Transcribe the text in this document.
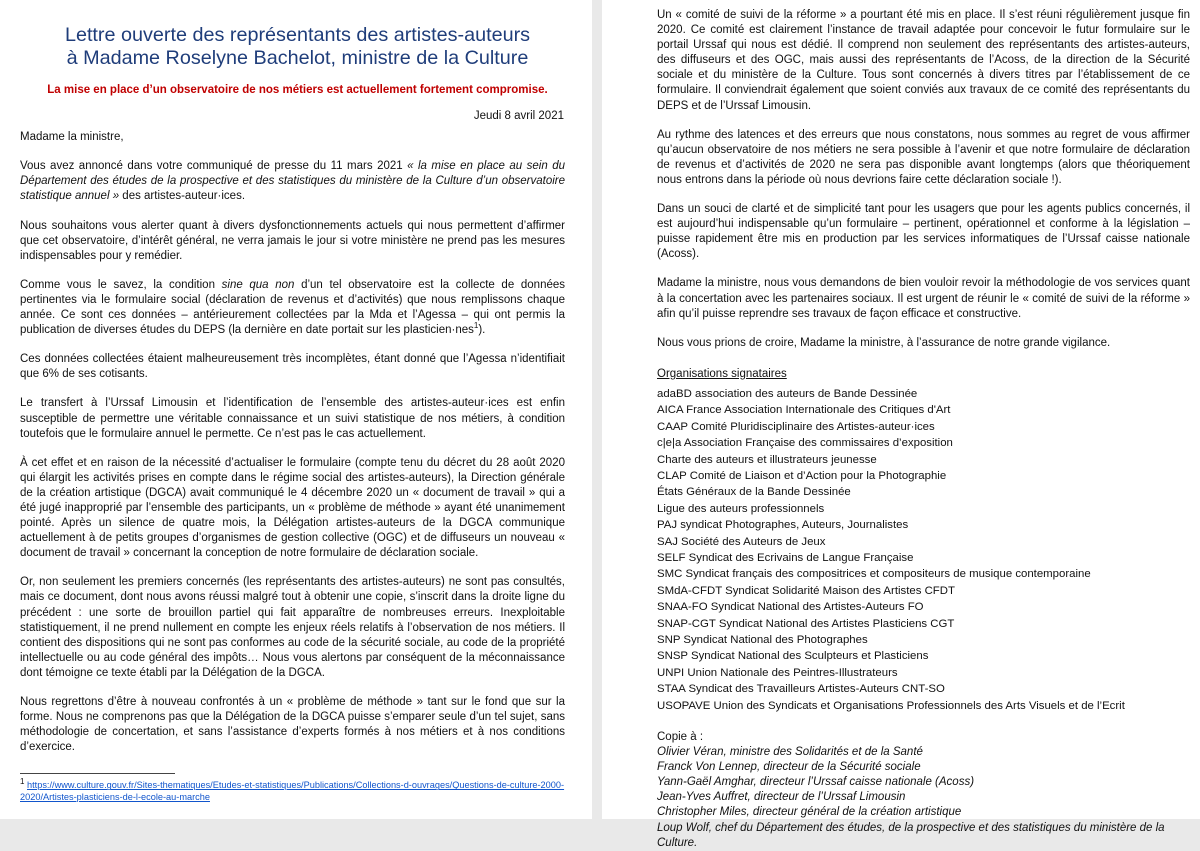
Lettre ouverte des représentants des artistes-auteurs
à Madame Roselyne Bachelot, ministre de la Culture

La mise en place d’un observatoire de nos métiers est actuellement fortement compromise.

Jeudi 8 avril 2021

Madame la ministre,

Vous avez annoncé dans votre communiqué de presse du 11 mars 2021 « la mise en place au sein du Département des études de la prospective et des statistiques du ministère de la Culture d’un observatoire statistique annuel » des artistes-auteur·ices.

Nous souhaitons vous alerter quant à divers dysfonctionnements actuels qui nous permettent d’affirmer que cet observatoire, d’intérêt général, ne verra jamais le jour si votre ministère ne prend pas les mesures indispensables pour y remédier.

Comme vous le savez, la condition sine qua non d’un tel observatoire est la collecte de données pertinentes via le formulaire social (déclaration de revenus et d’activités) que nous remplissons chaque année. Ce sont ces données – antérieurement collectées par la Mda et l’Agessa – qui ont permis la publication de diverses études du DEPS (la dernière en date portait sur les plasticien·nes$^1$).

Ces données collectées étaient malheureusement très incomplètes, étant donné que l’Agessa n’identifiait que 6% de ses cotisants.

Le transfert à l’Urssaf Limousin et l’identification de l’ensemble des artistes-auteur·ices est enfin susceptible de permettre une véritable connaissance et un suivi statistique de nos métiers, à condition toutefois que le formulaire annuel le permette. Ce n’est pas le cas actuellement.

À cet effet et en raison de la nécessité d’actualiser le formulaire (compte tenu du décret du 28 août 2020 qui élargit les activités prises en compte dans le régime social des artistes-auteurs), la Direction générale de la création artistique (DGCA) avait communiqué le 4 décembre 2020 un « document de travail » qui a été jugé inapproprié par l’ensemble des participants, un « problème de méthode » ayant été unanimement pointé. Après un silence de quatre mois, la Délégation artistes-auteurs de la DGCA communique actuellement à de petits groupes d’organismes de gestion collective (OGC) et de diffuseurs un nouveau « document de travail » concernant la conception de notre formulaire de déclaration sociale.

Or, non seulement les premiers concernés (les représentants des artistes-auteurs) ne sont pas consultés, mais ce document, dont nous avons réussi malgré tout à obtenir une copie, s’inscrit dans la droite ligne du précédent : une sorte de brouillon partiel qui fait apparaître de nombreuses erreurs. Inexploitable statistiquement, il ne prend nullement en compte les enjeux réels relatifs à l’observation de nos métiers. Il contient des dispositions qui ne sont pas conformes au code de la sécurité sociale, au code de la propriété intellectuelle ou au code général des impôts… Nous vous alertons par conséquent de la méconnaissance dont témoigne ce texte établi par la Délégation de la DGCA.

Nous regrettons d’être à nouveau confrontés à un « problème de méthode » tant sur le fond que sur la forme. Nous ne comprenons pas que la Délégation de la DGCA puisse s’emparer seule d’un tel sujet, sans méthodologie de concertation, et sans l’assistance d’experts formés à nos métiers et à nos conditions d’exercice.

$^1$ https://www.culture.gouv.fr/Sites-thematiques/Etudes-et-statistiques/Publications/Collections-d-ouvrages/Questions-de-culture-2000-2020/Artistes-plasticiens-de-l-ecole-au-marche

Un « comité de suivi de la réforme » a pourtant été mis en place. Il s’est réuni régulièrement jusque fin 2020. Ce comité est clairement l’instance de travail adaptée pour concevoir le futur formulaire sur le portail Urssaf qui nous est dédié. Il comprend non seulement des représentants des artistes-auteurs, des diffuseurs et des OGC, mais aussi des représentants de l’Acoss, de la direction de la Sécurité sociale et du ministère de la Culture. Tous sont concernés à divers titres par l’établissement de ce formulaire. Il conviendrait également que soient conviés aux travaux de ce comité des représentants du DEPS et de l’Urssaf Limousin.

Au rythme des latences et des erreurs que nous constatons, nous sommes au regret de vous affirmer qu’aucun observatoire de nos métiers ne sera possible à l’avenir et que notre formulaire de déclaration de revenus et d’activités de 2020 ne sera pas disponible avant longtemps (alors que théoriquement nous entrons dans la période où nous devrions faire cette déclaration sociale !).

Dans un souci de clarté et de simplicité tant pour les usagers que pour les agents publics concernés, il est aujourd’hui indispensable qu’un formulaire – pertinent, opérationnel et conforme à la législation – puisse rapidement être mis en production par les services informatiques de l’Urssaf caisse nationale (Acoss).

Madame la ministre, nous vous demandons de bien vouloir revoir la méthodologie de vos services quant à la concertation avec les partenaires sociaux. Il est urgent de réunir le « comité de suivi de la réforme » afin qu’il puisse reprendre ses travaux de façon efficace et constructive.

Nous vous prions de croire, Madame la ministre, à l’assurance de notre grande vigilance.

Organisations signataires

adaBD association des auteurs de Bande Dessinée

AICA France Association Internationale des Critiques d'Art

CAAP Comité Pluridisciplinaire des Artistes-auteur·ices

c|e|a Association Française des commissaires d’exposition

Charte des auteurs et illustrateurs jeunesse

CLAP Comité de Liaison et d’Action pour la Photographie

États Généraux de la Bande Dessinée

Ligue des auteurs professionnels

PAJ syndicat Photographes, Auteurs, Journalistes

SAJ Société des Auteurs de Jeux

SELF Syndicat des Ecrivains de Langue Française

SMC Syndicat français des compositrices et compositeurs de musique contemporaine

SMdA-CFDT Syndicat Solidarité Maison des Artistes CFDT

SNAA-FO Syndicat National des Artistes-Auteurs FO

SNAP-CGT Syndicat National des Artistes Plasticiens CGT

SNP Syndicat National des Photographes

SNSP Syndicat National des Sculpteurs et Plasticiens

UNPI Union Nationale des Peintres-Illustrateurs

STAA Syndicat des Travailleurs Artistes-Auteurs CNT-SO

USOPAVE Union des Syndicats et Organisations Professionnels des Arts Visuels et de l’Ecrit

Copie à :

Olivier Véran, ministre des Solidarités et de la Santé

Franck Von Lennep, directeur de la Sécurité sociale

Yann-Gaël Amghar, directeur l’Urssaf caisse nationale (Acoss)

Jean-Yves Auffret, directeur de l’Urssaf Limousin

Christopher Miles, directeur général de la création artistique

Loup Wolf, chef du Département des études, de la prospective et des statistiques du ministère de la Culture.
